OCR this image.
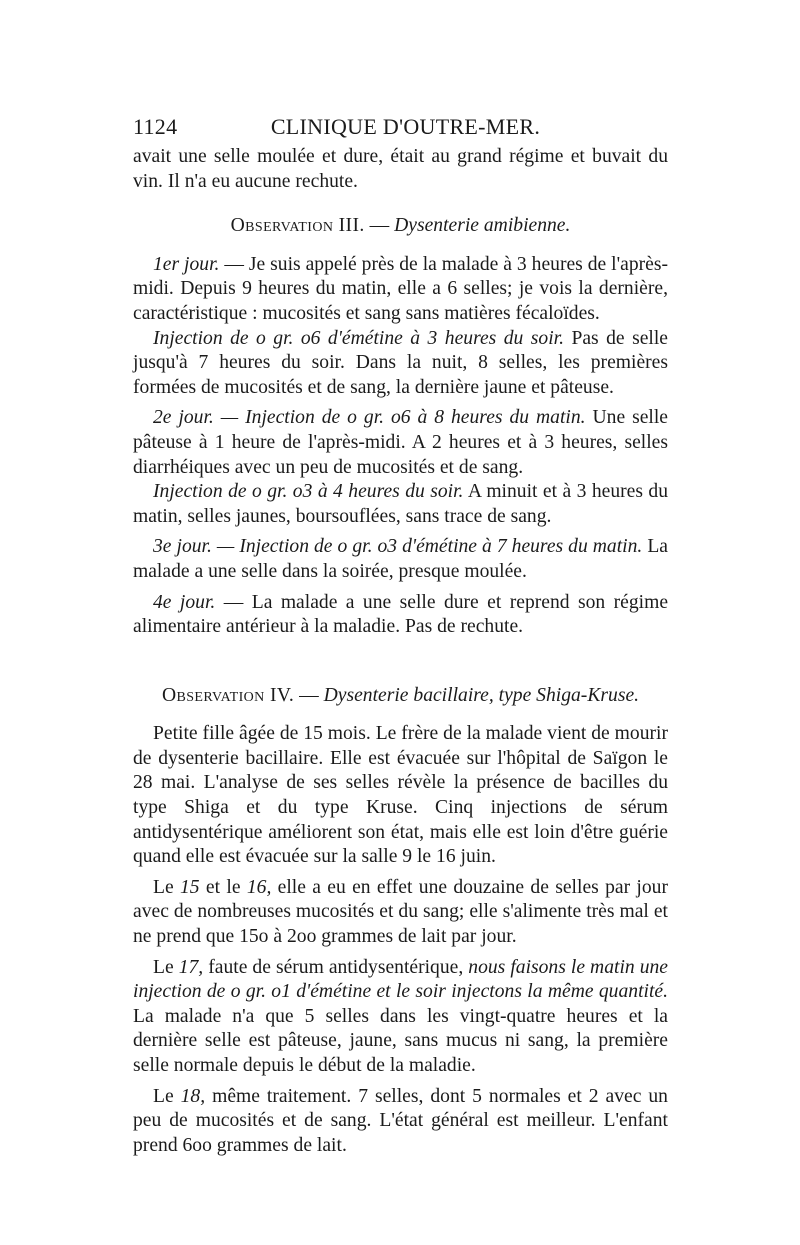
1124	CLINIQUE D'OUTRE-MER.

avait une selle moulée et dure, était au grand régime et buvait du vin. Il n'a eu aucune rechute.

Observation III. — Dysenterie amibienne.

1er jour. — Je suis appelé près de la malade à 3 heures de l'après-midi. Depuis 9 heures du matin, elle a 6 selles; je vois la dernière, caractéristique : mucosités et sang sans matières fécaloïdes.

Injection de o gr. o6 d'émétine à 3 heures du soir. Pas de selle jusqu'à 7 heures du soir. Dans la nuit, 8 selles, les premières formées de mucosités et de sang, la dernière jaune et pâteuse.

2e jour. — Injection de o gr. o6 à 8 heures du matin. Une selle pâteuse à 1 heure de l'après-midi. A 2 heures et à 3 heures, selles diarrhéiques avec un peu de mucosités et de sang.

Injection de o gr. o3 à 4 heures du soir. A minuit et à 3 heures du matin, selles jaunes, boursouflées, sans trace de sang.

3e jour. — Injection de o gr. o3 d'émétine à 7 heures du matin. La malade a une selle dans la soirée, presque moulée.

4e jour. — La malade a une selle dure et reprend son régime alimentaire antérieur à la maladie. Pas de rechute.

Observation IV. — Dysenterie bacillaire, type Shiga-Kruse.

Petite fille âgée de 15 mois. Le frère de la malade vient de mourir de dysenterie bacillaire. Elle est évacuée sur l'hôpital de Saïgon le 28 mai. L'analyse de ses selles révèle la présence de bacilles du type Shiga et du type Kruse. Cinq injections de sérum antidysentérique améliorent son état, mais elle est loin d'être guérie quand elle est évacuée sur la salle 9 le 16 juin.

Le 15 et le 16, elle a eu en effet une douzaine de selles par jour avec de nombreuses mucosités et du sang; elle s'alimente très mal et ne prend que 15o à 2oo grammes de lait par jour.

Le 17, faute de sérum antidysentérique, nous faisons le matin une injection de o gr. o1 d'émétine et le soir injectons la même quantité. La malade n'a que 5 selles dans les vingt-quatre heures et la dernière selle est pâteuse, jaune, sans mucus ni sang, la première selle normale depuis le début de la maladie.

Le 18, même traitement. 7 selles, dont 5 normales et 2 avec un peu de mucosités et de sang. L'état général est meilleur. L'enfant prend 6oo grammes de lait.
